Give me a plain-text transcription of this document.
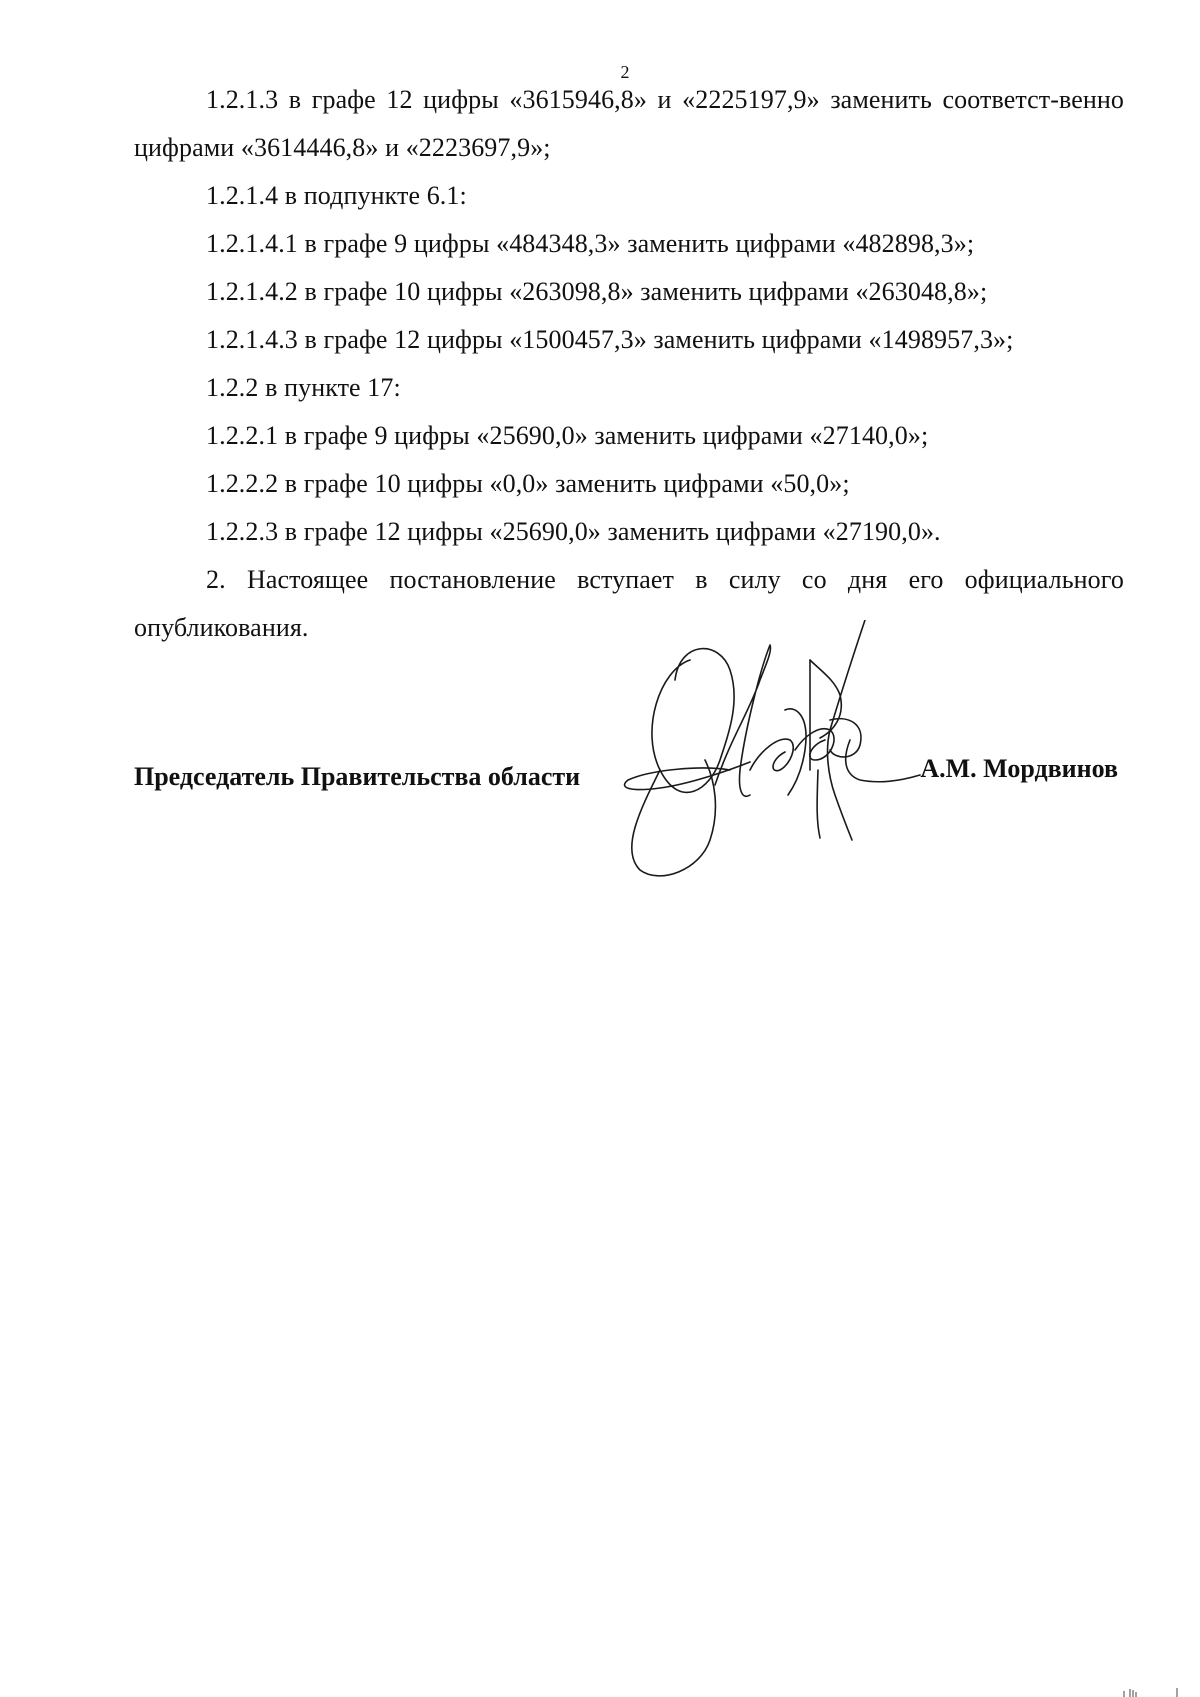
2

1.2.1.3 в графе 12 цифры «3615946,8» и «2225197,9» заменить соответст-венно цифрами «3614446,8» и «2223697,9»;

1.2.1.4 в подпункте 6.1:

1.2.1.4.1 в графе 9 цифры «484348,3» заменить цифрами «482898,3»;

1.2.1.4.2 в графе 10 цифры «263098,8» заменить цифрами «263048,8»;

1.2.1.4.3 в графе 12 цифры «1500457,3» заменить цифрами «1498957,3»;

1.2.2 в пункте 17:

1.2.2.1 в графе 9 цифры «25690,0» заменить цифрами «27140,0»;

1.2.2.2 в графе 10 цифры «0,0» заменить цифрами «50,0»;

1.2.2.3 в графе 12 цифры «25690,0» заменить цифрами «27190,0».

2. Настоящее постановление вступает в силу со дня его официального опубликования.

Председатель Правительства области	А.М. Мордвинов
